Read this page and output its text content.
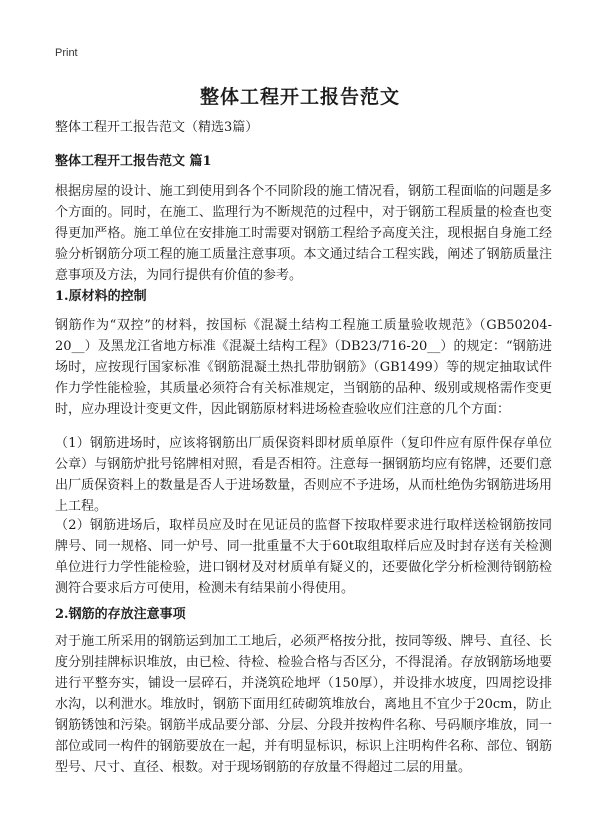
Print
整体工程开工报告范文
整体工程开工报告范文（精选3篇）
整体工程开工报告范文 篇1
根据房屋的设计、施工到使用到各个不同阶段的施工情况看，钢筋工程面临的问题是多个方面的。同时，在施工、监理行为不断规范的过程中，对于钢筋工程质量的检查也变得更加严格。施工单位在安排施工时需要对钢筋工程给予高度关注，现根据自身施工经验分析钢筋分项工程的施工质量注意事项。本文通过结合工程实践，阐述了钢筋质量注意事项及方法，为同行提供有价值的参考。
1.原材料的控制
钢筋作为“双控”的材料，按国标《混凝土结构工程施工质量验收规范》（GB50204-20__）及黑龙江省地方标准《混凝土结构工程》（DB23/716-20__）的规定：“钢筋进场时，应按现行国家标准《钢筋混凝土热扎带肋钢筋》（GB1499）等的规定抽取试件作力学性能检验，其质量必须符合有关标准规定，当钢筋的品种、级别或规格需作变更时，应办理设计变更文件，因此钢筋原材料进场检查验收应们注意的几个方面：
（1）钢筋进场时，应该将钢筋出厂质保资料即材质单原件（复印件应有原件保存单位公章）与钢筋炉批号铭牌相对照，看是否相符。注意每一捆钢筋均应有铭牌，还要们意出厂质保资料上的数量是否人于进场数量，否则应不予进场，从而杜绝伪劣钢筋进场用上工程。
（2）钢筋进场后，取样员应及时在见证员的监督下按取样要求进行取样送检钢筋按同牌号、同一规格、同一炉号、同一批重量不大于60t取组取样后应及时封存送有关检测单位进行力学性能检验，进口钢材及对材质单有疑义的，还要做化学分析检测待钢筋检测符合要求后方可使用，检测未有结果前小得使用。
2.钢筋的存放注意事项
对于施工所采用的钢筋运到加工工地后，必须严格按分批，按同等级、牌号、直径、长度分别挂牌标识堆放，由已检、待检、检验合格与否区分，不得混淆。存放钢筋场地要进行平整夯实，铺设一层碎石，并浇筑砼地坪（150厚），并设排水坡度，四周挖设排水沟，以利泄水。堆放时，钢筋下面用红砖砌筑堆放台，离地且不宜少于20cm，防止钢筋锈蚀和污染。钢筋半成品要分部、分层、分段并按构件名称、号码顺序堆放，同一部位或同一构件的钢筋要放在一起，并有明显标识，标识上注明构件名称、部位、钢筋型号、尺寸、直径、根数。对于现场钢筋的存放量不得超过二层的用量。
